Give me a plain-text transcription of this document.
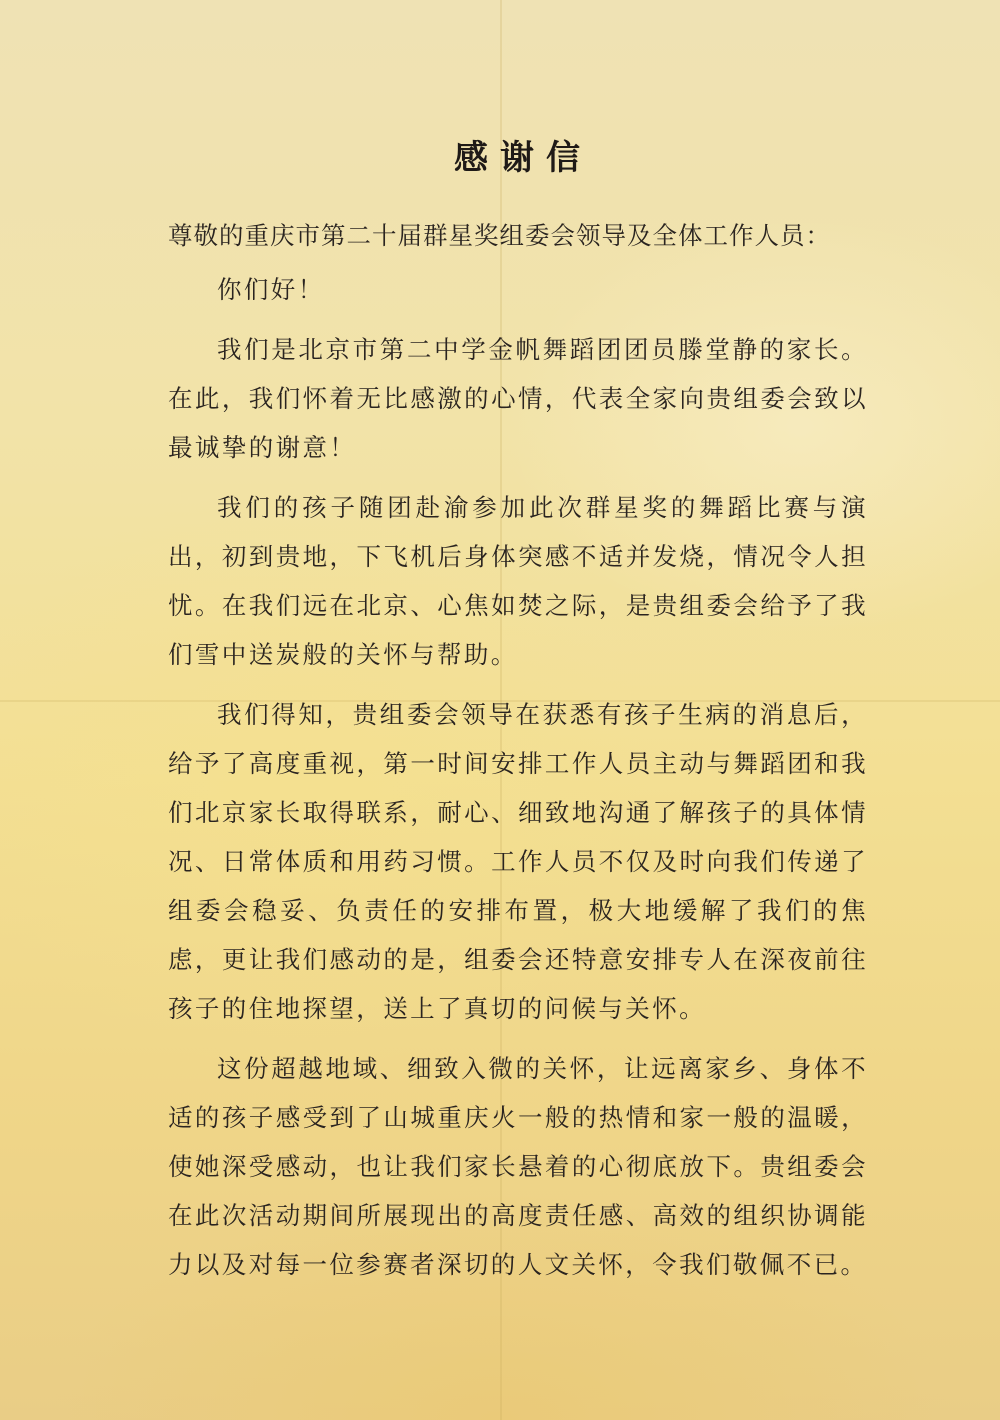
感谢信

尊敬的重庆市第二十届群星奖组委会领导及全体工作人员：

你们好！

我们是北京市第二中学金帆舞蹈团团员滕堂静的家长。在此，我们怀着无比感激的心情，代表全家向贵组委会致以最诚挚的谢意！

我们的孩子随团赴渝参加此次群星奖的舞蹈比赛与演出，初到贵地，下飞机后身体突感不适并发烧，情况令人担忧。在我们远在北京、心焦如焚之际，是贵组委会给予了我们雪中送炭般的关怀与帮助。

我们得知，贵组委会领导在获悉有孩子生病的消息后，给予了高度重视，第一时间安排工作人员主动与舞蹈团和我们北京家长取得联系，耐心、细致地沟通了解孩子的具体情况、日常体质和用药习惯。工作人员不仅及时向我们传递了组委会稳妥、负责任的安排布置，极大地缓解了我们的焦虑，更让我们感动的是，组委会还特意安排专人在深夜前往孩子的住地探望，送上了真切的问候与关怀。

这份超越地域、细致入微的关怀，让远离家乡、身体不适的孩子感受到了山城重庆火一般的热情和家一般的温暖，使她深受感动，也让我们家长悬着的心彻底放下。贵组委会在此次活动期间所展现出的高度责任感、高效的组织协调能力以及对每一位参赛者深切的人文关怀，令我们敬佩不已。
